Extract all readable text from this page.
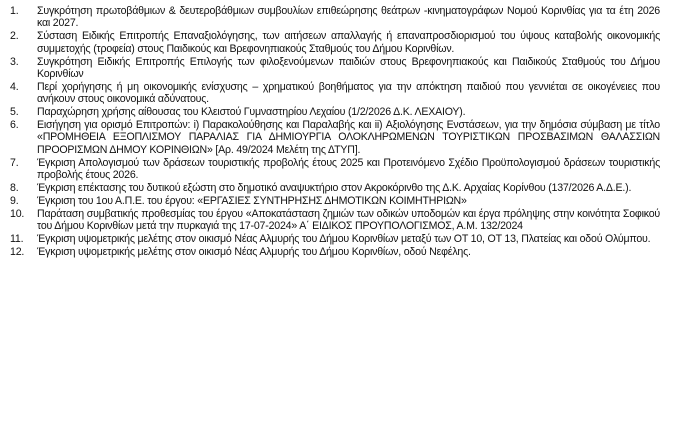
1.	Συγκρότηση πρωτοβάθμιων & δευτεροβάθμιων συμβουλίων επιθεώρησης θεάτρων -κινηματογράφων Νομού Κορινθίας για τα έτη 2026 και 2027.
2.	Σύσταση Ειδικής Επιτροπής Επαναξιολόγησης, των αιτήσεων απαλλαγής ή επαναπροσδιορισμού του ύψους καταβολής οικονομικής συμμετοχής (τροφεία) στους Παιδικούς και Βρεφονηπιακούς Σταθμούς του Δήμου Κορινθίων.
3.	Συγκρότηση Ειδικής Επιτροπής Επιλογής των φιλοξενούμενων παιδιών στους Βρεφονηπιακούς και Παιδικούς Σταθμούς του Δήμου Κορινθίων
4.	Περί χορήγησης ή μη οικονομικής ενίσχυσης – χρηματικού βοηθήματος για την απόκτηση παιδιού που γεννιέται σε οικογένειες που ανήκουν στους οικονομικά αδύνατους.
5.	Παραχώρηση χρήσης αίθουσας του Κλειστού Γυμναστηρίου Λεχαίου (1/2/2026 Δ.Κ. ΛΕΧΑΙΟΥ).
6.	Εισήγηση για ορισμό Επιτροπών: i) Παρακολούθησης και Παραλαβής και ii) Αξιολόγησης Ενστάσεων, για την δημόσια σύμβαση με τίτλο «ΠΡΟΜΗΘΕΙΑ ΕΞΟΠΛΙΣΜΟΥ ΠΑΡΑΛΙΑΣ ΓΙΑ ΔΗΜΙΟΥΡΓΙΑ ΟΛΟΚΛΗΡΩΜΕΝΩΝ ΤΟΥΡΙΣΤΙΚΩΝ ΠΡΟΣΒΑΣΙΜΩΝ ΘΑΛΑΣΣΙΩΝ ΠΡΟΟΡΙΣΜΩΝ ΔΗΜΟΥ ΚΟΡΙΝΘΙΩΝ» [Αρ. 49/2024 Μελέτη της ΔΤΥΠ].
7.	Έγκριση Απολογισμού των δράσεων τουριστικής προβολής έτους 2025 και Προτεινόμενο Σχέδιο Προϋπολογισμού δράσεων τουριστικής προβολής έτους 2026.
8.	Έγκριση επέκτασης του δυτικού εξώστη στο δημοτικό αναψυκτήριο στον Ακροκόρινθο της Δ.Κ. Αρχαίας Κορίνθου (137/2026 Α.Δ.Ε.).
9.	Έγκριση του 1ου Α.Π.Ε. του έργου: «ΕΡΓΑΣΙΕΣ ΣΥΝΤΗΡΗΣΗΣ ΔΗΜΟΤΙΚΩΝ ΚΟΙΜΗΤΗΡΙΩΝ»
10.	Παράταση συμβατικής προθεσμίας του έργου «Αποκατάσταση ζημιών των οδικών υποδομών και έργα πρόληψης στην κοινότητα Σοφικού του Δήμου Κορινθίων μετά την πυρκαγιά της 17-07-2024» Α΄ ΕΙΔΙΚΟΣ ΠΡΟΥΠΟΛΟΓΙΣΜΟΣ, Α.Μ. 132/2024
11.	Έγκριση υψομετρικής μελέτης στον οικισμό Νέας Αλμυρής του Δήμου Κορινθίων μεταξύ των ΟΤ 10, ΟΤ 13, Πλατείας και οδού Ολύμπου.
12.	Έγκριση υψομετρικής μελέτης στον οικισμό Νέας Αλμυρής του Δήμου Κορινθίων, οδού Νεφέλης.
